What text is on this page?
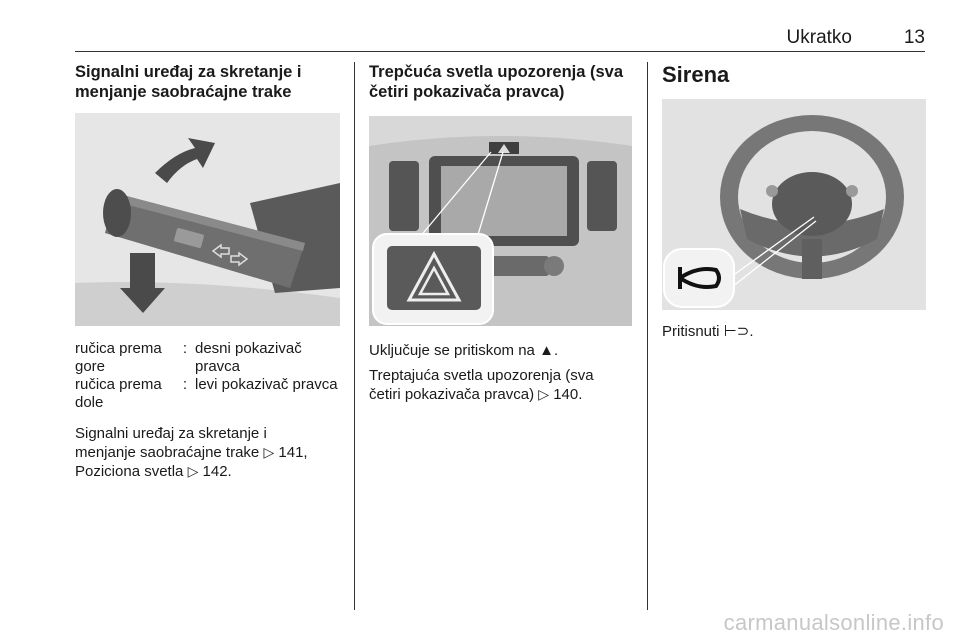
Ukratko	13

Signalni uređaj za skretanje i menjanje saobraćajne trake

ručica prema gore	:	desni pokazivač pravca
ručica prema dole	:	levi pokazivač pravca
Signalni uređaj za skretanje i
menjanje saobraćajne trake ▷ 141,
Poziciona svetla ▷ 142.

Trepčuća svetla upozorenja (sva četiri pokazivača pravca)

Uključuje se pritiskom na ▲.
Treptajuća svetla upozorenja (sva
četiri pokazivača pravca) ▷ 140.

Sirena

Pritisnuti ⊢⊃.
carmanualsonline.info
